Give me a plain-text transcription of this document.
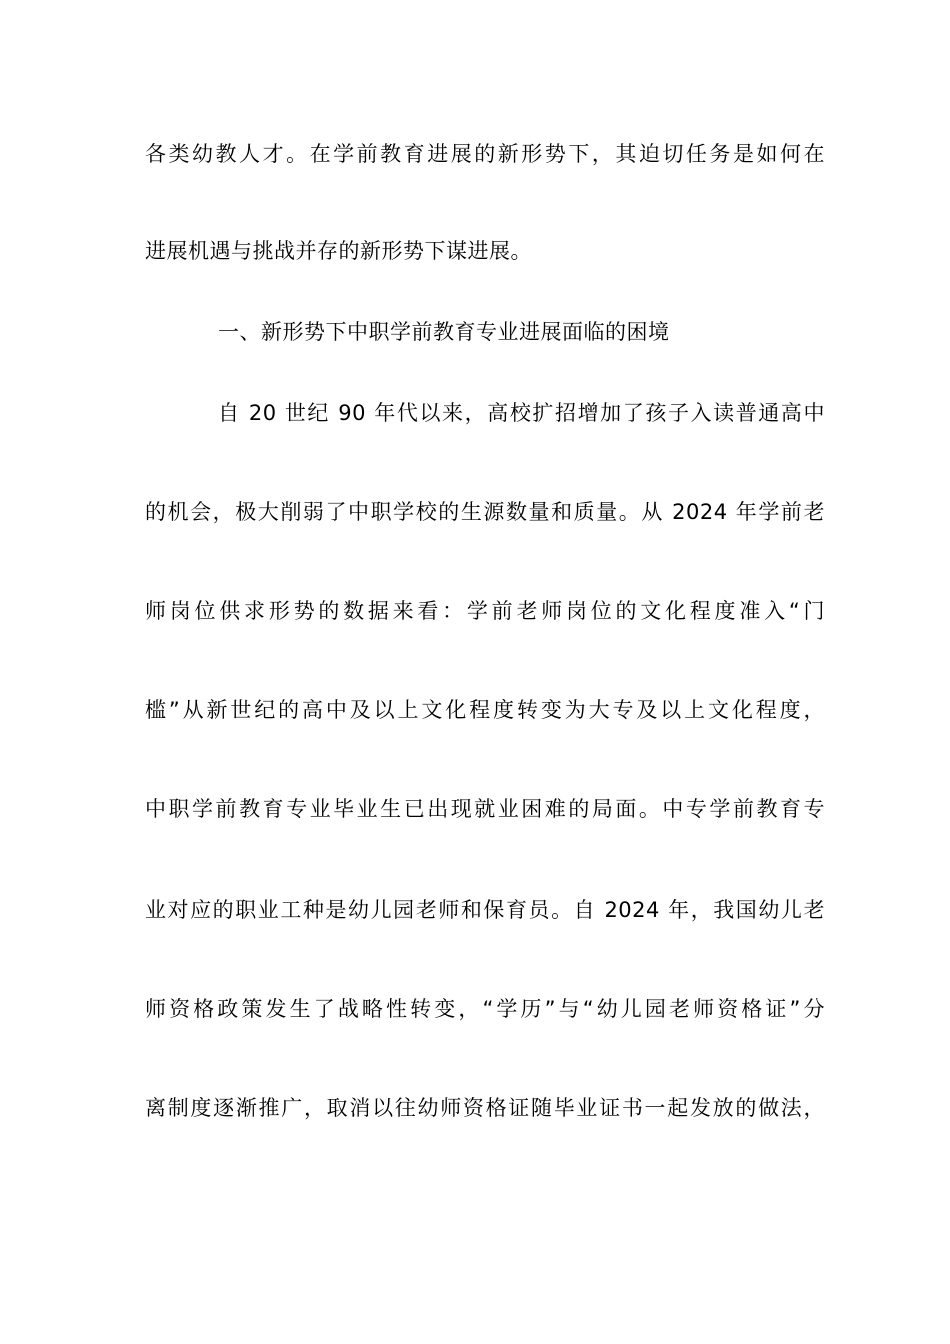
各类幼教人才。在学前教育进展的新形势下，其迫切任务是如何在
进展机遇与挑战并存的新形势下谋进展。
一、新形势下中职学前教育专业进展面临的困境
自 20 世纪 90 年代以来，高校扩招增加了孩子入读普通高中
的机会，极大削弱了中职学校的生源数量和质量。从 2024 年学前老
师岗位供求形势的数据来看：学前老师岗位的文化程度准入“门
槛”从新世纪的高中及以上文化程度转变为大专及以上文化程度，
中职学前教育专业毕业生已出现就业困难的局面。中专学前教育专
业对应的职业工种是幼儿园老师和保育员。自 2024 年，我国幼儿老
师资格政策发生了战略性转变，“学历”与“幼儿园老师资格证”分
离制度逐渐推广，取消以往幼师资格证随毕业证书一起发放的做法，
